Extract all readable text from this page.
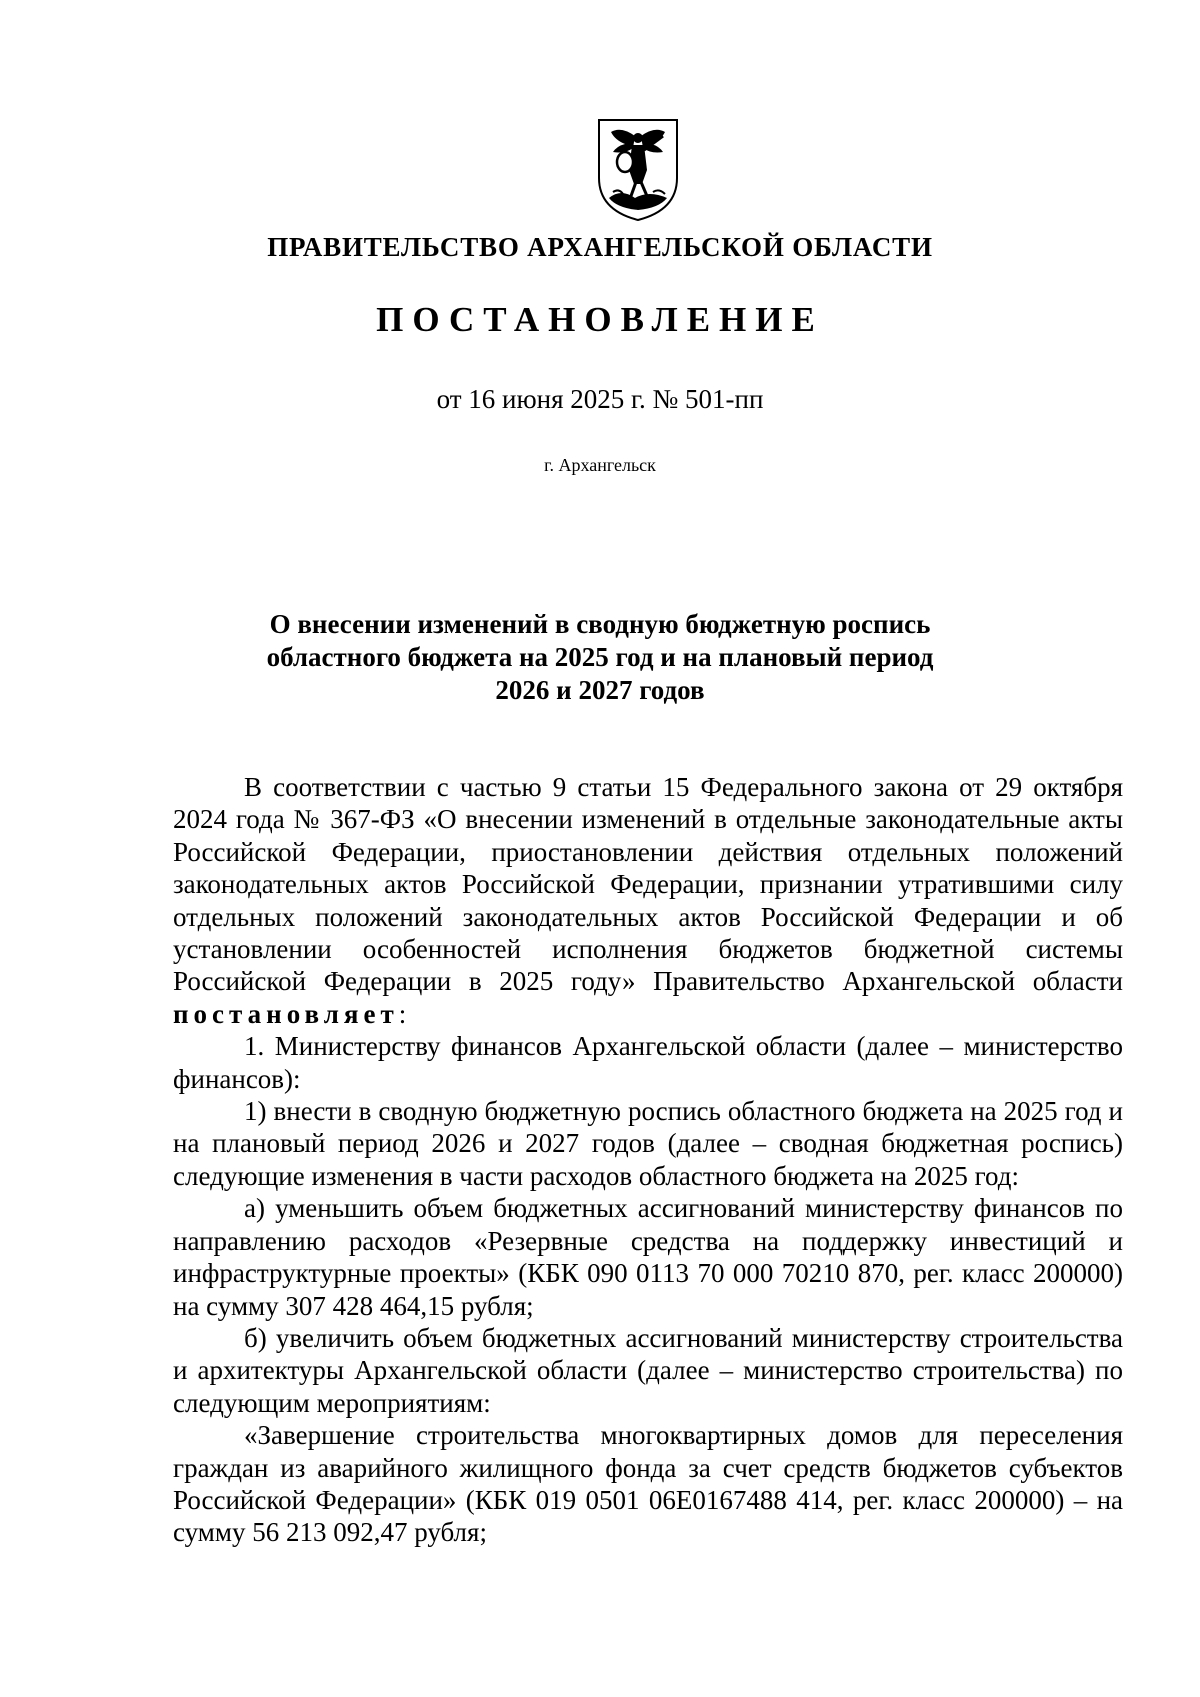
ПРАВИТЕЛЬСТВО АРХАНГЕЛЬСКОЙ ОБЛАСТИ
ПОСТАНОВЛЕНИЕ
от 16 июня 2025 г. № 501-пп
г. Архангельск
О внесении изменений в сводную бюджетную роспись
областного бюджета на 2025 год и на плановый период
2026 и 2027 годов

В соответствии с частью 9 статьи 15 Федерального закона от 29 октября 2024 года № 367-ФЗ «О внесении изменений в отдельные законодательные акты Российской Федерации, приостановлении действия отдельных положений законодательных актов Российской Федерации, признании утратившими силу отдельных положений законодательных актов Российской Федерации и об установлении особенностей исполнения бюджетов бюджетной системы Российской Федерации в 2025 году» Правительство Архангельской области постановляет:

1. Министерству финансов Архангельской области (далее – министерство финансов):

1) внести в сводную бюджетную роспись областного бюджета на 2025 год и на плановый период 2026 и 2027 годов (далее – сводная бюджетная роспись) следующие изменения в части расходов областного бюджета на 2025 год:

а) уменьшить объем бюджетных ассигнований министерству финансов по направлению расходов «Резервные средства на поддержку инвестиций и инфраструктурные проекты» (КБК 090 0113 70 000 70210 870, рег. класс 200000) на сумму 307 428 464,15 рубля;

б) увеличить объем бюджетных ассигнований министерству строительства и архитектуры Архангельской области (далее – министерство строительства) по следующим мероприятиям:

«Завершение строительства многоквартирных домов для переселения граждан из аварийного жилищного фонда за счет средств бюджетов субъектов Российской Федерации» (КБК 019 0501 06Е0167488 414, рег. класс 200000) – на сумму 56 213 092,47 рубля;
